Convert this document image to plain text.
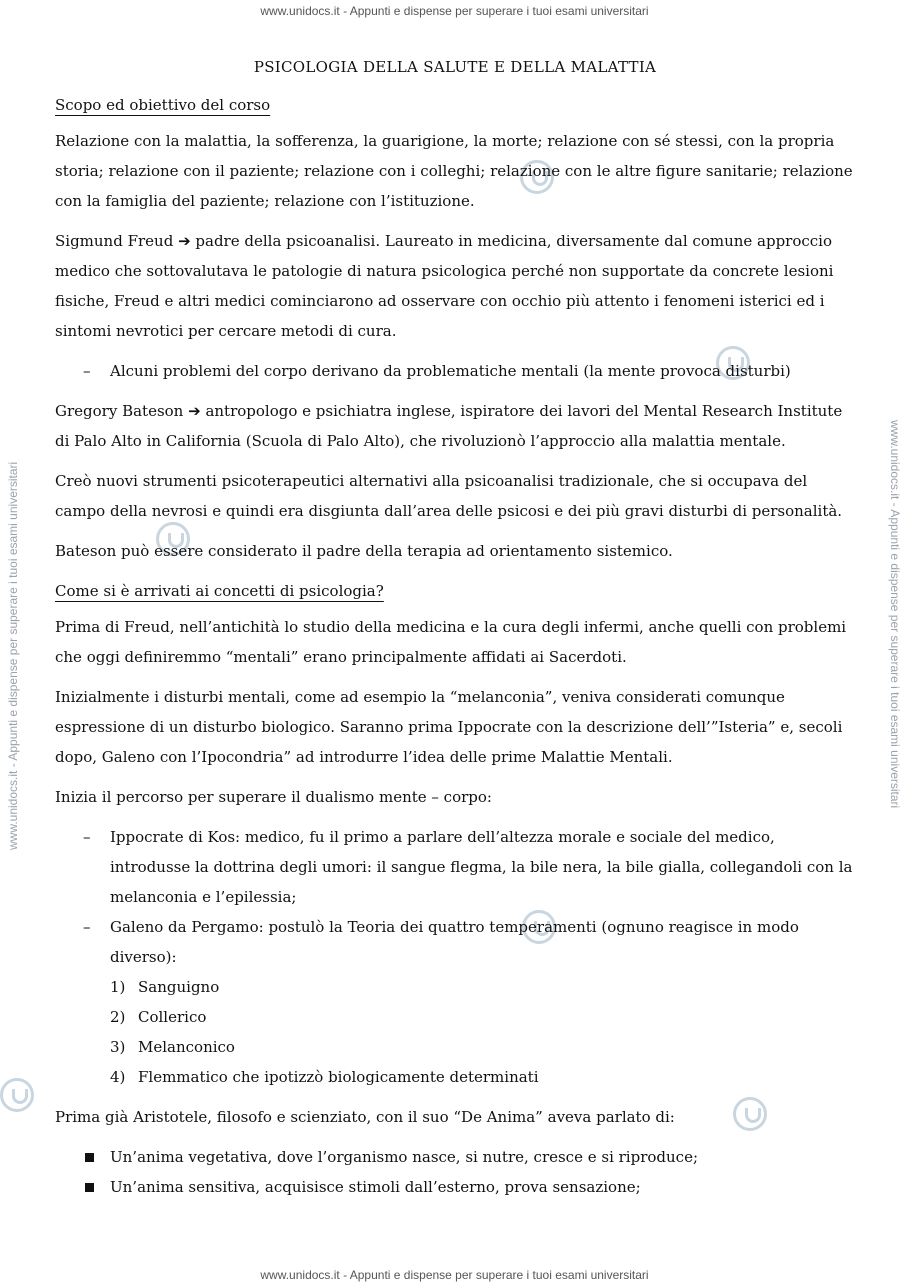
www.unidocs.it - Appunti e dispense per superare i tuoi esami universitari
www.unidocs.it - Appunti e dispense per superare i tuoi esami universitari	www.unidocs.it - Appunti e dispense per superare i tuoi esami universitari
PSICOLOGIA DELLA SALUTE E DELLA MALATTIA
Scopo ed obiettivo del corso

Relazione con la malattia, la sofferenza, la guarigione, la morte; relazione con sé stessi, con la propria storia; relazione con il paziente; relazione con i colleghi; relazione con le altre figure sanitarie; relazione con la famiglia del paziente; relazione con l’istituzione.

Sigmund Freud ➔ padre della psicoanalisi. Laureato in medicina, diversamente dal comune approccio medico che sottovalutava le patologie di natura psicologica perché non supportate da concrete lesioni fisiche, Freud e altri medici cominciarono ad osservare con occhio più attento i fenomeni isterici ed i sintomi nevrotici per cercare metodi di cura.

– Alcuni problemi del corpo derivano da problematiche mentali (la mente provoca disturbi)

Gregory Bateson ➔ antropologo e psichiatra inglese, ispiratore dei lavori del Mental Research Institute di Palo Alto in California (Scuola di Palo Alto), che rivoluzionò l’approccio alla malattia mentale.

Creò nuovi strumenti psicoterapeutici alternativi alla psicoanalisi tradizionale, che si occupava del campo della nevrosi e quindi era disgiunta dall’area delle psicosi e dei più gravi disturbi di personalità.

Bateson può essere considerato il padre della terapia ad orientamento sistemico.

Come si è arrivati ai concetti di psicologia?

Prima di Freud, nell’antichità lo studio della medicina e la cura degli infermi, anche quelli con problemi che oggi definiremmo “mentali” erano principalmente affidati ai Sacerdoti.

Inizialmente i disturbi mentali, come ad esempio la “melanconia”, veniva considerati comunque espressione di un disturbo biologico. Saranno prima Ippocrate con la descrizione dell’”Isteria” e, secoli dopo, Galeno con l’Ipocondria” ad introdurre l’idea delle prime Malattie Mentali.

Inizia il percorso per superare il dualismo mente – corpo:

– Ippocrate di Kos: medico, fu il primo a parlare dell’altezza morale e sociale del medico, introdusse la dottrina degli umori: il sangue flegma, la bile nera, la bile gialla, collegandoli con la melanconia e l’epilessia;
– Galeno da Pergamo: postulò la Teoria dei quattro temperamenti (ognuno reagisce in modo diverso):
1) Sanguigno
2) Collerico
3) Melanconico
4) Flemmatico che ipotizzò biologicamente determinati

Prima già Aristotele, filosofo e scienziato, con il suo “De Anima” aveva parlato di:

Un’anima vegetativa, dove l’organismo nasce, si nutre, cresce e si riproduce;
Un’anima sensitiva, acquisisce stimoli dall’esterno, prova sensazione;
www.unidocs.it - Appunti e dispense per superare i tuoi esami universitari
